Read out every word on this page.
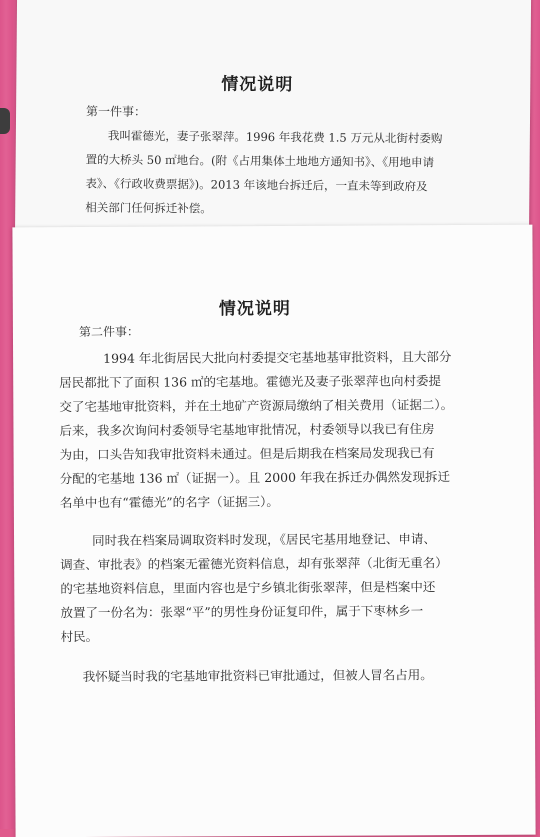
情况说明
第一件事：
我叫霍德光，妻子张翠萍。1996 年我花费 1.5 万元从北街村委购
置的大桥头 50 ㎡地台。(附《占用集体土地地方通知书》、《用地申请
表》、《行政收费票据》)。2013 年该地台拆迁后，一直未等到政府及
相关部门任何拆迁补偿。
情况说明
第二件事：
1994 年北街居民大批向村委提交宅基地基审批资料，且大部分
居民都批下了面积 136 ㎡的宅基地。霍德光及妻子张翠萍也向村委提
交了宅基地审批资料，并在土地矿产资源局缴纳了相关费用（证据二）。
后来，我多次询问村委领导宅基地审批情况，村委领导以我已有住房
为由，口头告知我审批资料未通过。但是后期我在档案局发现我已有
分配的宅基地 136 ㎡（证据一）。且 2000 年我在拆迁办偶然发现拆迁
名单中也有“霍德光”的名字（证据三）。
同时我在档案局调取资料时发现，《居民宅基用地登记、申请、
调查、审批表》的档案无霍德光资料信息，却有张翠萍（北街无重名）
的宅基地资料信息，里面内容也是宁乡镇北街张翠萍，但是档案中还
放置了一份名为：张翠“平”的男性身份证复印件，属于下枣林乡一
村民。
我怀疑当时我的宅基地审批资料已审批通过，但被人冒名占用。
